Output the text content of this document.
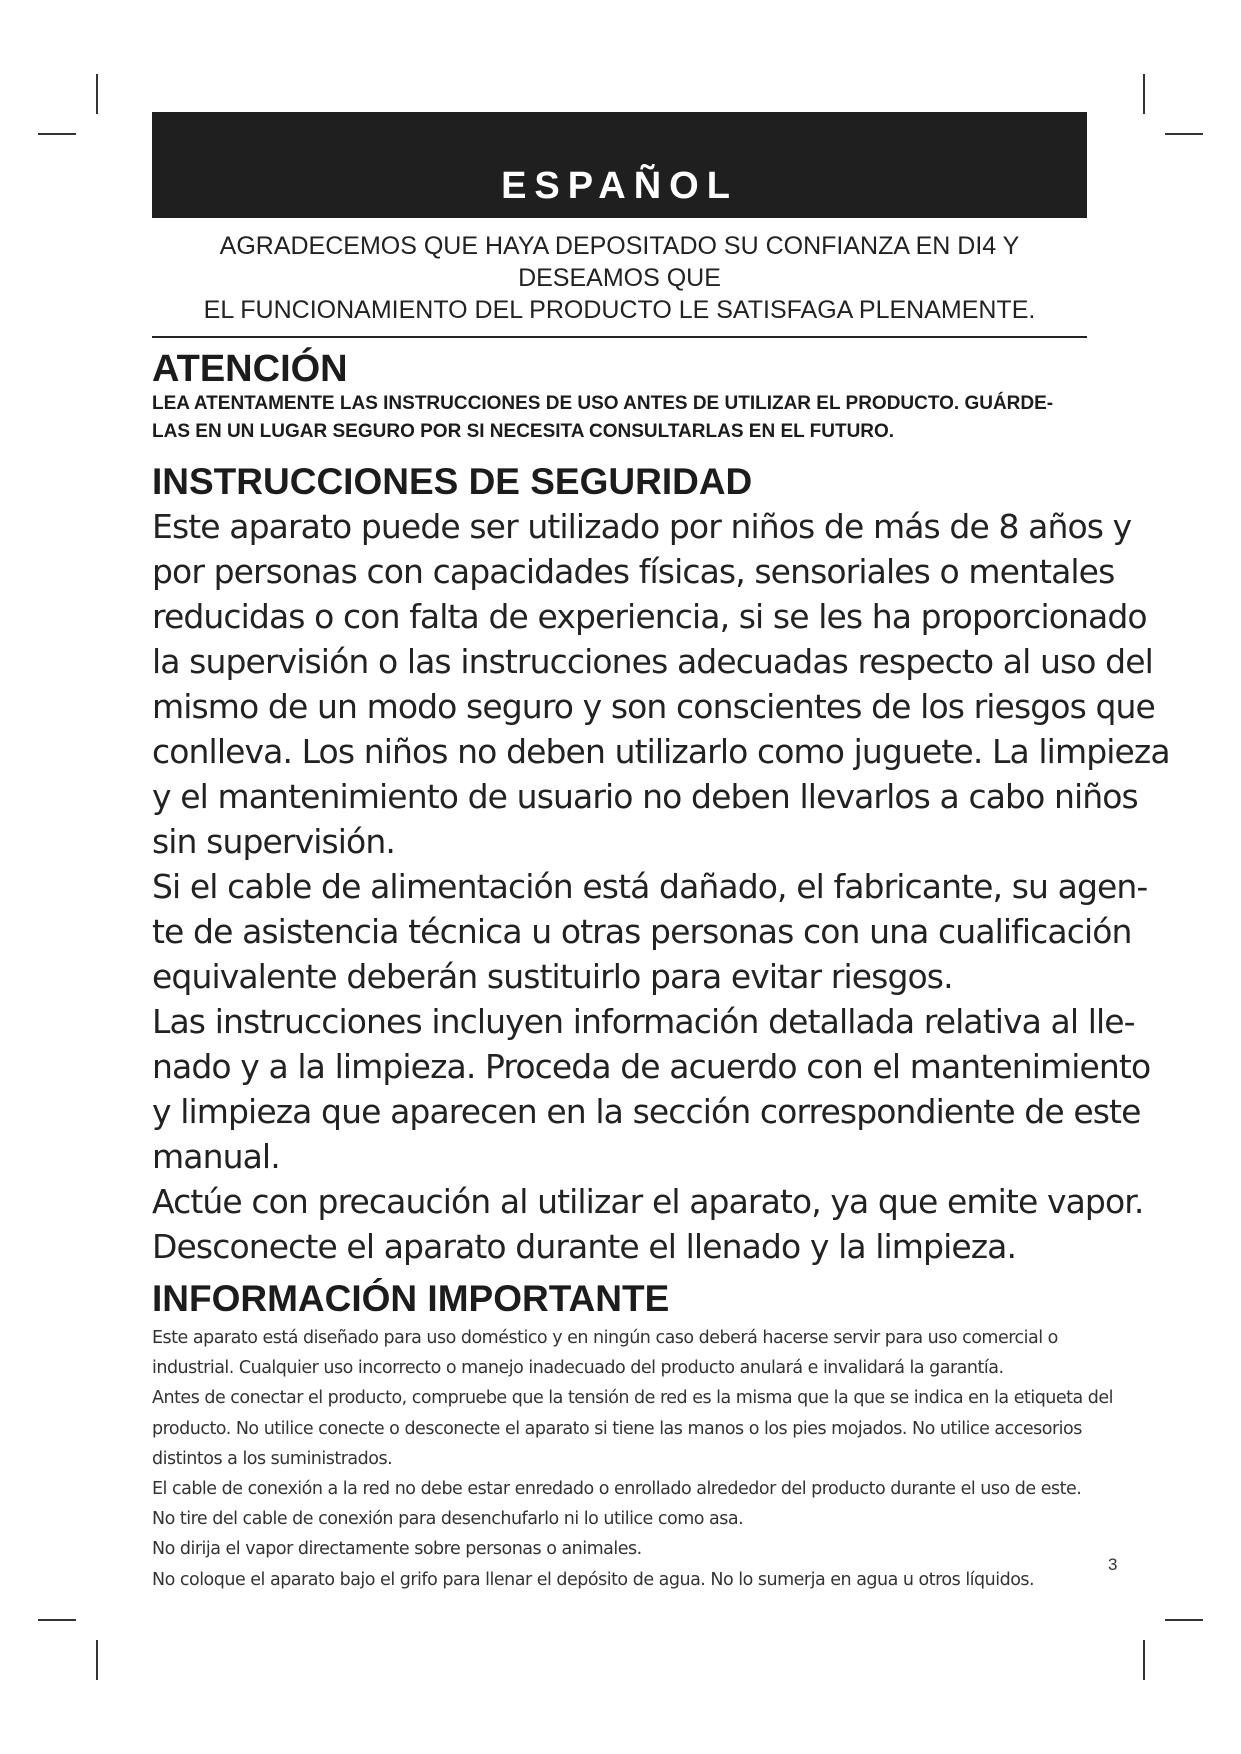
ESPAÑOL
AGRADECEMOS QUE HAYA DEPOSITADO SU CONFIANZA EN DI4 Y DESEAMOS QUE
EL FUNCIONAMIENTO DEL PRODUCTO LE SATISFAGA PLENAMENTE.
ATENCIÓN
LEA ATENTAMENTE LAS INSTRUCCIONES DE USO ANTES DE UTILIZAR EL PRODUCTO. GUÁRDE-
LAS EN UN LUGAR SEGURO POR SI NECESITA CONSULTARLAS EN EL FUTURO.
INSTRUCCIONES DE SEGURIDAD
Este aparato puede ser utilizado por niños de más de 8 años y
por personas con capacidades físicas, sensoriales o mentales
reducidas o con falta de experiencia, si se les ha proporcionado
la supervisión o las instrucciones adecuadas respecto al uso del
mismo de un modo seguro y son conscientes de los riesgos que
conlleva. Los niños no deben utilizarlo como juguete. La limpieza
y el mantenimiento de usuario no deben llevarlos a cabo niños
sin supervisión.
Si el cable de alimentación está dañado, el fabricante, su agen-
te de asistencia técnica u otras personas con una cualificación
equivalente deberán sustituirlo para evitar riesgos.
Las instrucciones incluyen información detallada relativa al lle-
nado y a la limpieza. Proceda de acuerdo con el mantenimiento
y limpieza que aparecen en la sección correspondiente de este
manual.
Actúe con precaución al utilizar el aparato, ya que emite vapor.
Desconecte el aparato durante el llenado y la limpieza.
INFORMACIÓN IMPORTANTE
Este aparato está diseñado para uso doméstico y en ningún caso deberá hacerse servir para uso comercial o
industrial. Cualquier uso incorrecto o manejo inadecuado del producto anulará e invalidará la garantía.
Antes de conectar el producto, compruebe que la tensión de red es la misma que la que se indica en la etiqueta del
producto. No utilice conecte o desconecte el aparato si tiene las manos o los pies mojados. No utilice accesorios
distintos a los suministrados.
El cable de conexión a la red no debe estar enredado o enrollado alrededor del producto durante el uso de este.
No tire del cable de conexión para desenchufarlo ni lo utilice como asa.
No dirija el vapor directamente sobre personas o animales.
No coloque el aparato bajo el grifo para llenar el depósito de agua. No lo sumerja en agua u otros líquidos.
3
